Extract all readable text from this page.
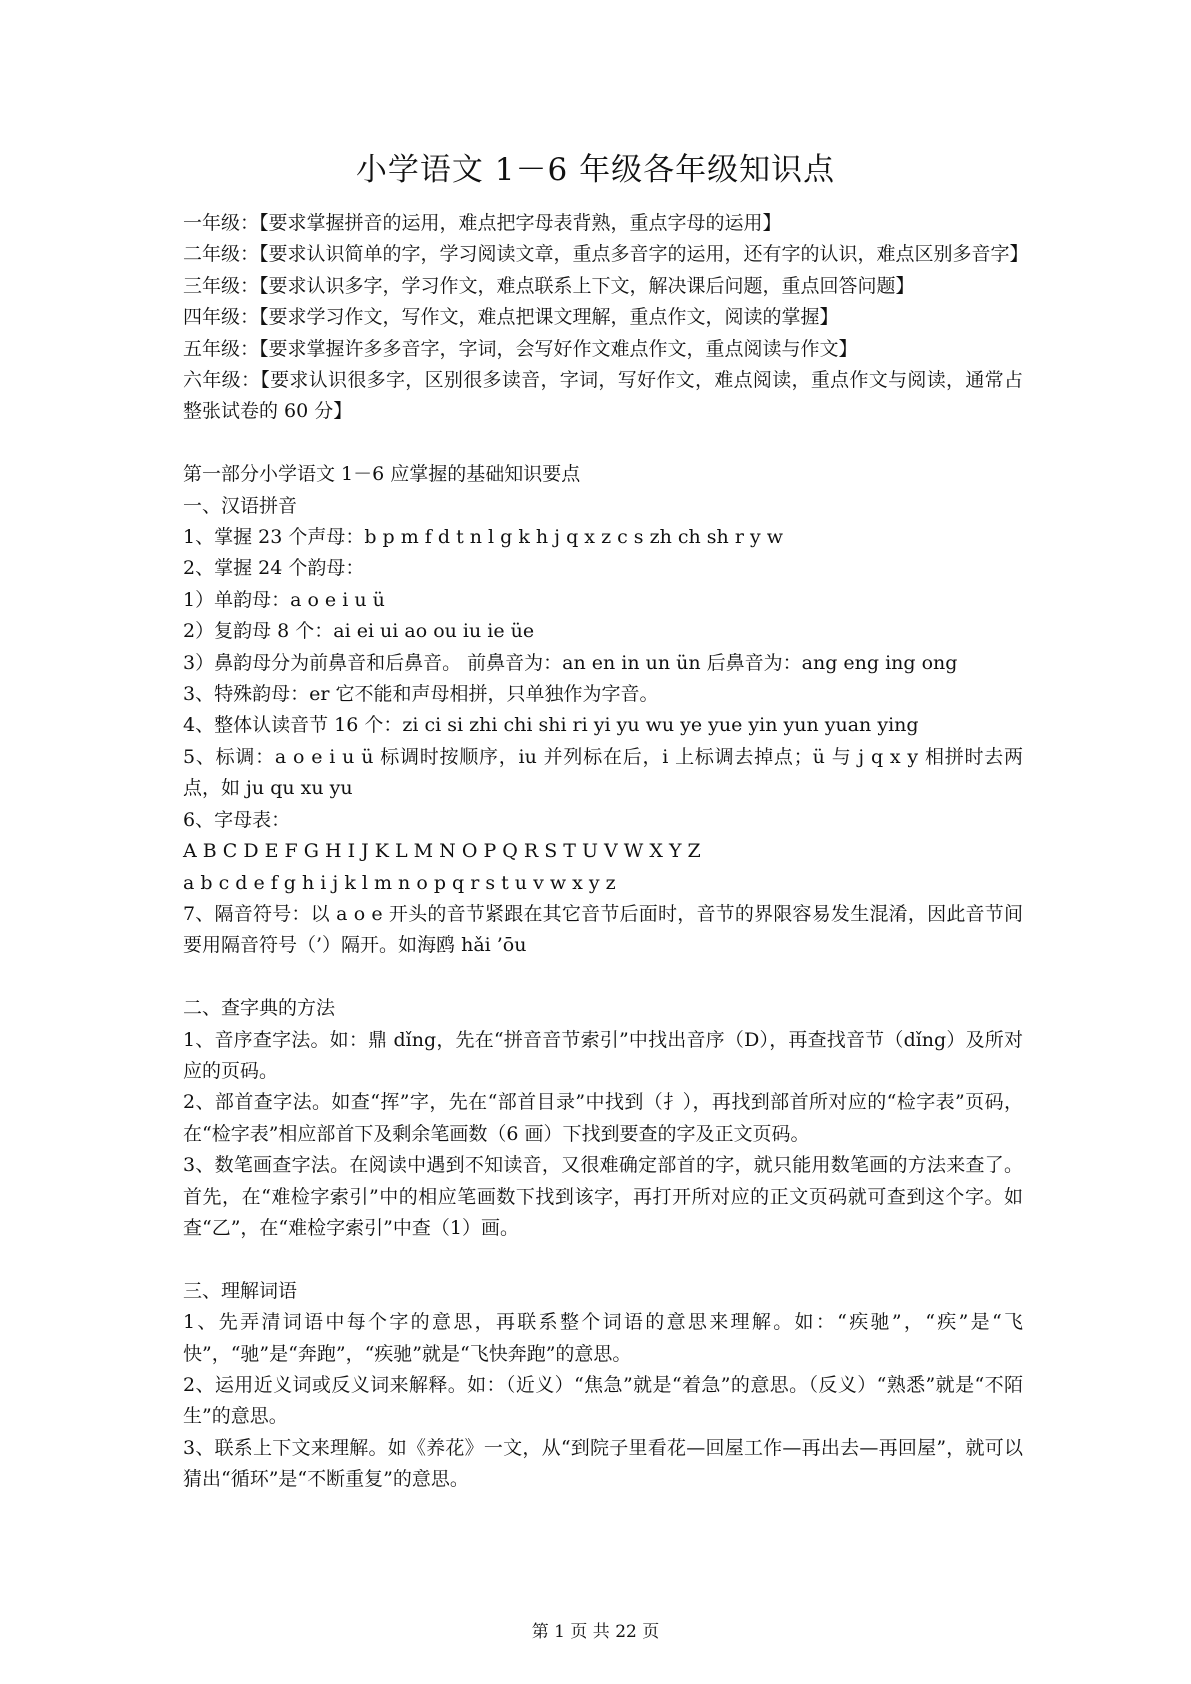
小学语文 1－6 年级各年级知识点

一年级：【要求掌握拼音的运用，难点把字母表背熟，重点字母的运用】

二年级：【要求认识简单的字，学习阅读文章，重点多音字的运用，还有字的认识，难点区别多音字】

三年级：【要求认识多字，学习作文，难点联系上下文，解决课后问题，重点回答问题】

四年级：【要求学习作文，写作文，难点把课文理解，重点作文，阅读的掌握】

五年级：【要求掌握许多多音字，字词，会写好作文难点作文，重点阅读与作文】

六年级：【要求认识很多字，区别很多读音，字词，写好作文，难点阅读，重点作文与阅读，通常占整张试卷的 60 分】

第一部分小学语文 1－6 应掌握的基础知识要点

一、汉语拼音

1、掌握 23 个声母：b p m f d t n l g k h j q x z c s zh ch sh r y w

2、掌握 24 个韵母：

1）单韵母：a o e i u ü

2）复韵母 8 个：ai ei ui ao ou iu ie üe

3）鼻韵母分为前鼻音和后鼻音。 前鼻音为：an en in un ün 后鼻音为：ang eng ing ong

3、特殊韵母：er 它不能和声母相拼，只单独作为字音。

4、整体认读音节 16 个：zi ci si zhi chi shi ri yi yu wu ye yue yin yun yuan ying

5、标调：a o e i u ü 标调时按顺序，iu 并列标在后，i 上标调去掉点；ü 与 j q x y 相拼时去两点，如 ju qu xu yu

6、字母表：

A B C D E F G H I J K L M N O P Q R S T U V W X Y Z

a b c d e f g h i j k l m n o p q r s t u v w x y z

7、隔音符号：以 a o e 开头的音节紧跟在其它音节后面时，音节的界限容易发生混淆，因此音节间要用隔音符号（’）隔开。如海鸥 hǎi ’ōu

二、查字典的方法

1、音序查字法。如：鼎 dǐng，先在“拼音音节索引”中找出音序（D），再查找音节（dǐng）及所对应的页码。

2、部首查字法。如查“挥”字，先在“部首目录”中找到（扌），再找到部首所对应的“检字表”页码，在“检字表”相应部首下及剩余笔画数（6 画）下找到要查的字及正文页码。

3、数笔画查字法。在阅读中遇到不知读音，又很难确定部首的字，就只能用数笔画的方法来查了。首先，在“难检字索引”中的相应笔画数下找到该字，再打开所对应的正文页码就可查到这个字。如查“乙”，在“难检字索引”中查（1）画。

三、理解词语

1、先弄清词语中每个字的意思，再联系整个词语的意思来理解。如：“疾驰”，“疾”是“飞快”，“驰”是“奔跑”，“疾驰”就是“飞快奔跑”的意思。

2、运用近义词或反义词来解释。如：（近义）“焦急”就是“着急”的意思。（反义）“熟悉”就是“不陌生”的意思。

3、联系上下文来理解。如《养花》一文，从“到院子里看花—回屋工作—再出去—再回屋”，就可以猜出“循环”是“不断重复”的意思。

第 1 页 共 22 页
